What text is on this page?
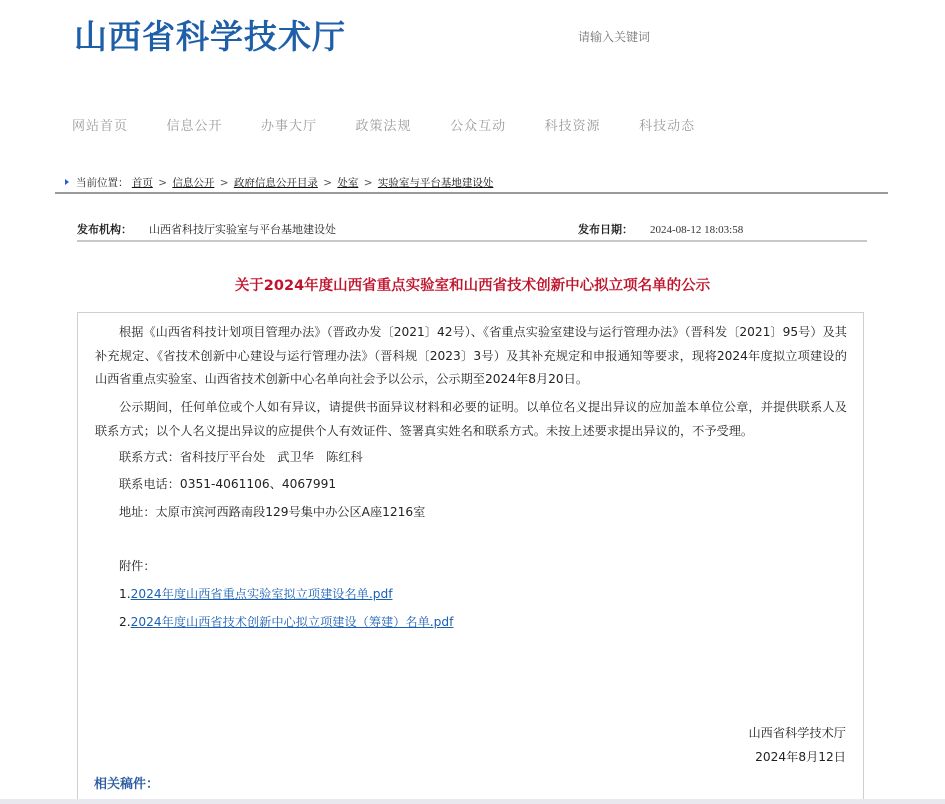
山西省科学技术厅
请输入关键词
网站首页	信息公开	办事大厅	政策法规	公众互动	科技资源	科技动态
当前位置： 首页 > 信息公开 > 政府信息公开目录 > 处室 > 实验室与平台基地建设处
发布机构： 山西省科技厅实验室与平台基地建设处	发布日期： 2024-08-12 18:03:58
关于2024年度山西省重点实验室和山西省技术创新中心拟立项名单的公示

根据《山西省科技计划项目管理办法》（晋政办发〔2021〕42号）、《省重点实验室建设与运行管理办法》（晋科发〔2021〕95号）及其补充规定、《省技术创新中心建设与运行管理办法》（晋科规〔2023〕3号）及其补充规定和申报通知等要求，现将2024年度拟立项建设的山西省重点实验室、山西省技术创新中心名单向社会予以公示，公示期至2024年8月20日。

公示期间，任何单位或个人如有异议，请提供书面异议材料和必要的证明。以单位名义提出异议的应加盖本单位公章，并提供联系人及联系方式；以个人名义提出异议的应提供个人有效证件、签署真实姓名和联系方式。未按上述要求提出异议的，不予受理。

联系方式：省科技厅平台处　武卫华　陈红科
联系电话：0351-4061106、4067991
地址：太原市滨河西路南段129号集中办公区A座1216室
附件：
1.2024年度山西省重点实验室拟立项建设名单.pdf
2.2024年度山西省技术创新中心拟立项建设（筹建）名单.pdf
山西省科学技术厅
2024年8月12日
相关稿件：
